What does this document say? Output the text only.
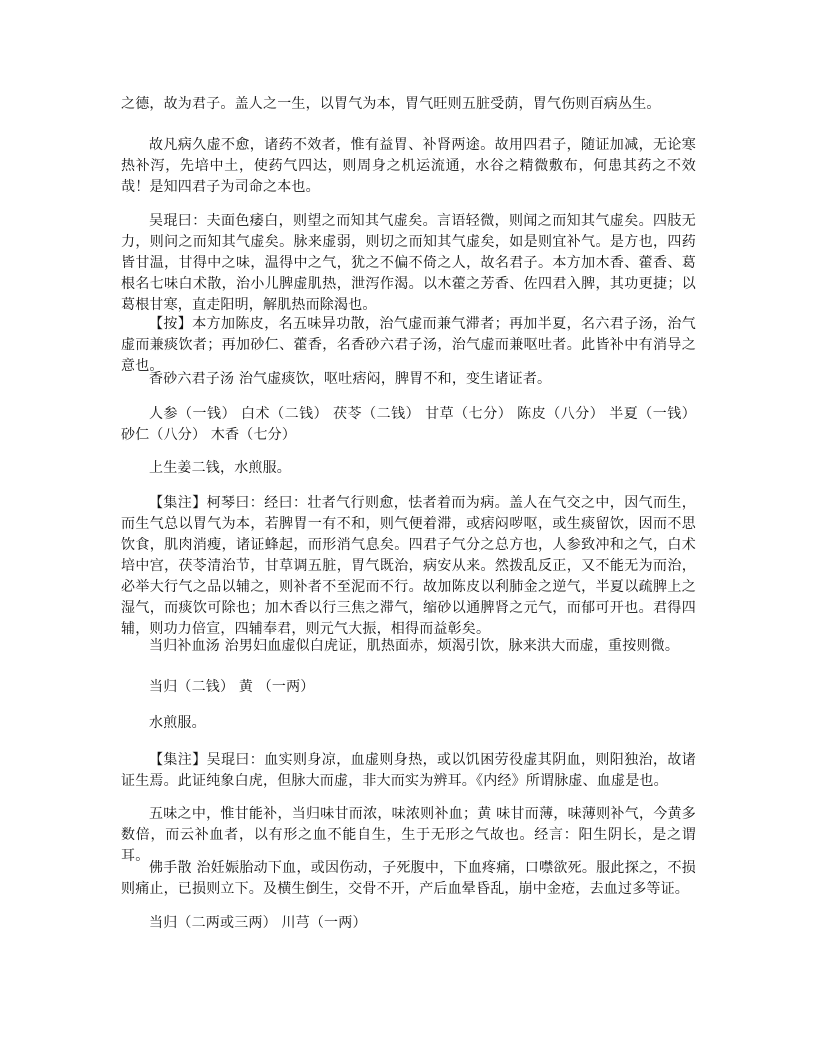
之德，故为君子。盖人之一生，以胃气为本，胃气旺则五脏受荫，胃气伤则百病丛生。

故凡病久虚不愈，诸药不效者，惟有益胃、补肾两途。故用四君子，随证加减，无论寒热补泻，先培中土，使药气四达，则周身之机运流通，水谷之精微敷布，何患其药之不效哉！是知四君子为司命之本也。

吴琨曰：夫面色痿白，则望之而知其气虚矣。言语轻微，则闻之而知其气虚矣。四肢无力，则问之而知其气虚矣。脉来虚弱，则切之而知其气虚矣，如是则宜补气。是方也，四药皆甘温，甘得中之味，温得中之气，犹之不偏不倚之人，故名君子。本方加木香、藿香、葛根名七味白术散，治小儿脾虚肌热，泄泻作渴。以木藿之芳香、佐四君入脾，其功更捷；以葛根甘寒，直走阳明，解肌热而除渴也。

【按】本方加陈皮，名五味异功散，治气虚而兼气滞者；再加半夏，名六君子汤，治气虚而兼痰饮者；再加砂仁、藿香，名香砂六君子汤，治气虚而兼呕吐者。此皆补中有消导之意也。

香砂六君子汤 治气虚痰饮，呕吐痞闷，脾胃不和，变生诸证者。

人参（一钱） 白术（二钱） 茯苓（二钱） 甘草（七分） 陈皮（八分） 半夏（一钱） 砂仁（八分） 木香（七分）

上生姜二钱，水煎服。

【集注】柯琴曰：经曰：壮者气行则愈，怯者着而为病。盖人在气交之中，因气而生，而生气总以胃气为本，若脾胃一有不和，则气便着滞，或痞闷哕呕，或生痰留饮，因而不思饮食，肌肉消瘦，诸证蜂起，而形消气息矣。四君子气分之总方也，人参致冲和之气，白术培中宫，茯苓清治节，甘草调五脏，胃气既治，病安从来。然拨乱反正，又不能无为而治，必举大行气之品以辅之，则补者不至泥而不行。故加陈皮以利肺金之逆气，半夏以疏脾上之湿气，而痰饮可除也；加木香以行三焦之滞气，缩砂以通脾肾之元气，而郁可开也。君得四辅，则功力倍宣，四辅奉君，则元气大振，相得而益彰矣。

当归补血汤 治男妇血虚似白虎证，肌热面赤，烦渴引饮，脉来洪大而虚，重按则微。

当归（二钱） 黄 （一两）

水煎服。

【集注】吴琨曰：血实则身凉，血虚则身热，或以饥困劳役虚其阴血，则阳独治，故诸证生焉。此证纯象白虎，但脉大而虚，非大而实为辨耳。《内经》所谓脉虚、血虚是也。

五味之中，惟甘能补，当归味甘而浓，味浓则补血；黄 味甘而薄，味薄则补气，今黄多数倍，而云补血者，以有形之血不能自生，生于无形之气故也。经言：阳生阴长，是之谓耳。

佛手散 治妊娠胎动下血，或因伤动，子死腹中，下血疼痛，口噤欲死。服此探之，不损则痛止，已损则立下。及横生倒生，交骨不开，产后血晕昏乱，崩中金疮，去血过多等证。

当归（二两或三两） 川芎（一两）
